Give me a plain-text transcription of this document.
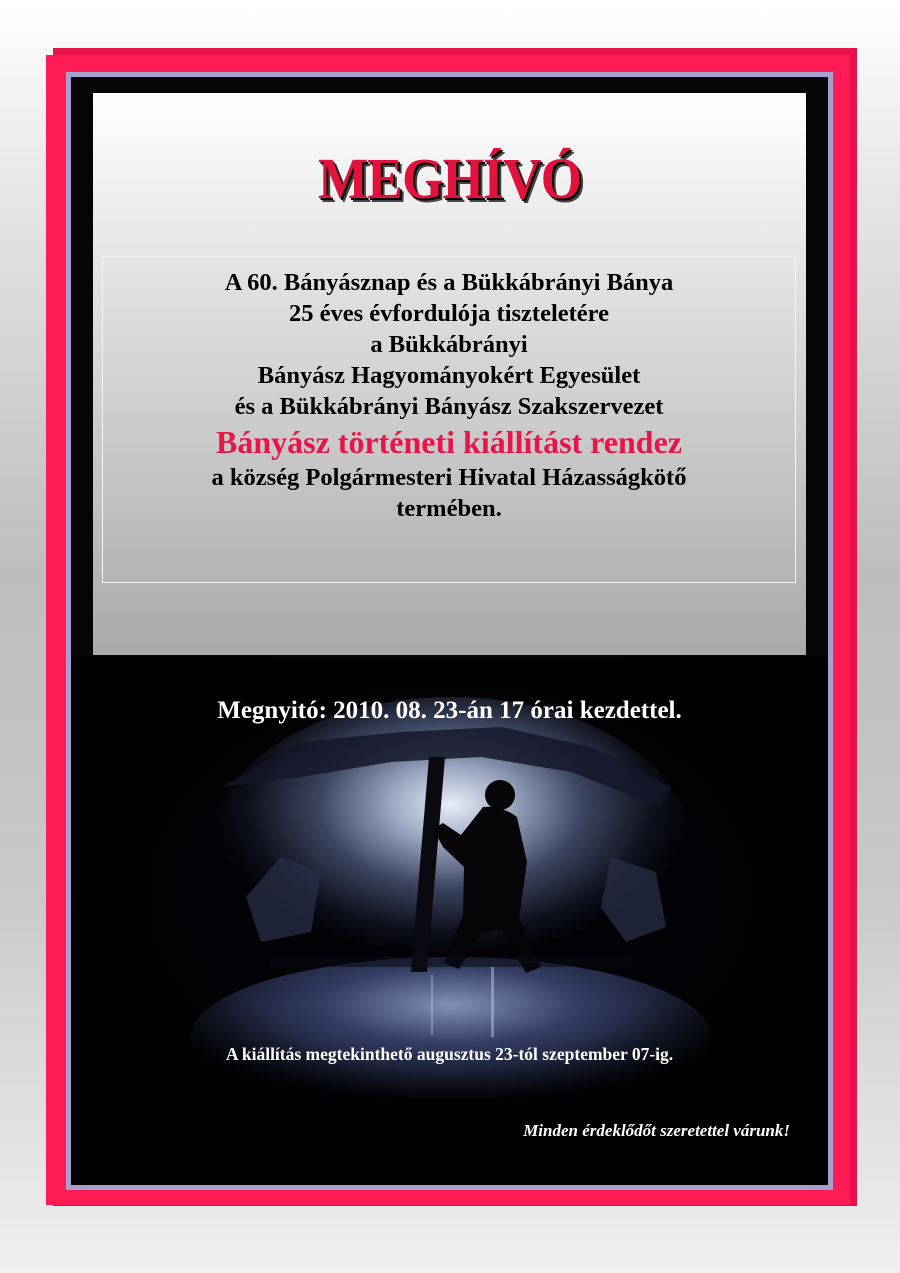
MEGHÍVÓ
A 60. Bányásznap és a Bükkábrányi Bánya
25 éves évfordulója tiszteletére
a Bükkábrányi
Bányász Hagyományokért Egyesület
és a Bükkábrányi Bányász Szakszervezet
Bányász történeti kiállítást rendez
a község Polgármesteri Hivatal Házasságkötő
termében.
Megnyitó: 2010. 08. 23-án 17 órai kezdettel.
A kiállítás megtekinthető augusztus 23-tól szeptember 07-ig.
Minden érdeklődőt szeretettel várunk!
